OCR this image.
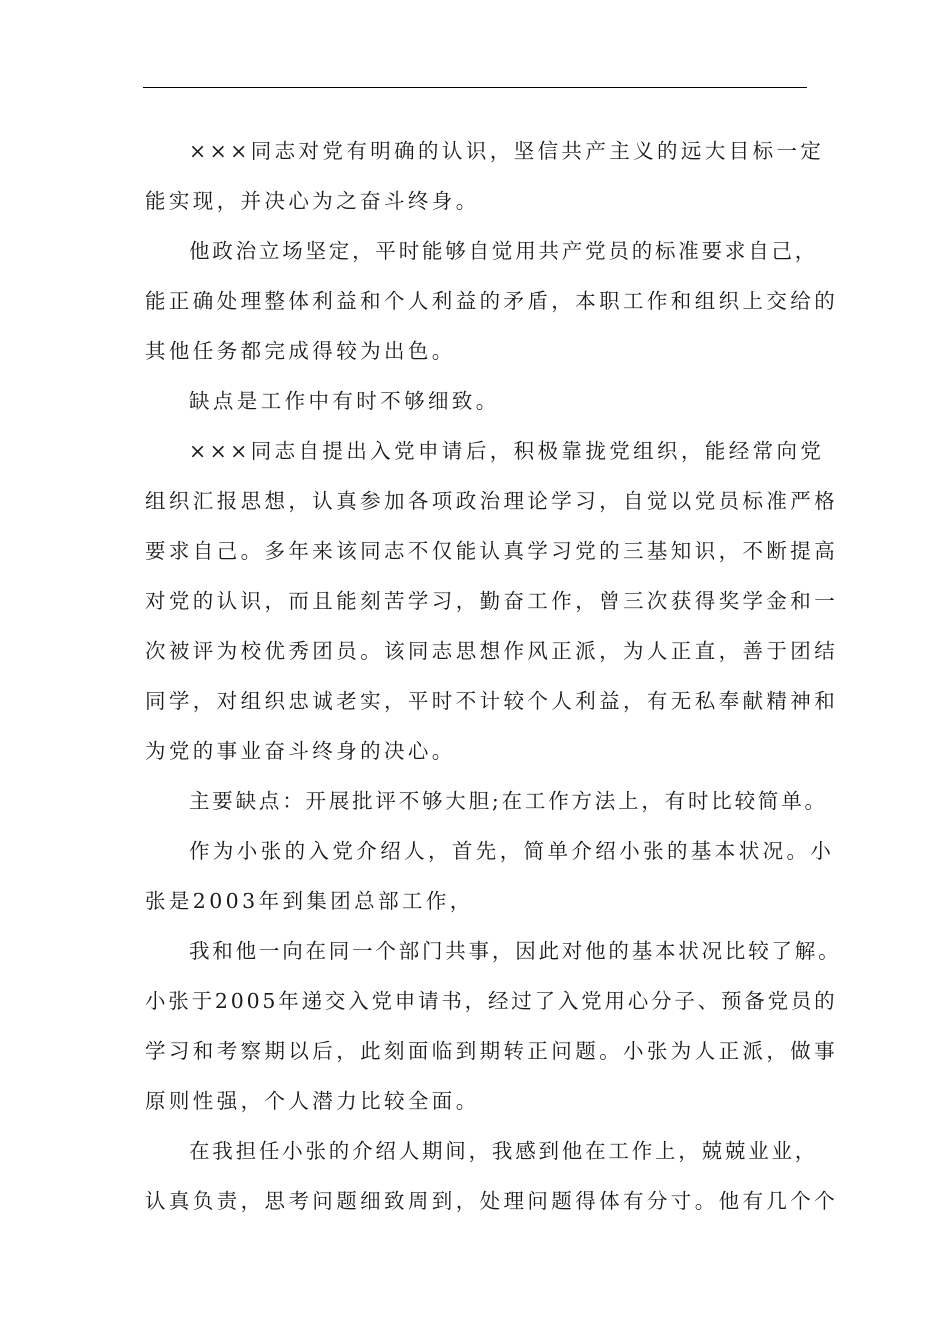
×××同志对党有明确的认识，坚信共产主义的远大目标一定
能实现，并决心为之奋斗终身。
他政治立场坚定，平时能够自觉用共产党员的标准要求自己，
能正确处理整体利益和个人利益的矛盾，本职工作和组织上交给的
其他任务都完成得较为出色。
缺点是工作中有时不够细致。
×××同志自提出入党申请后，积极靠拢党组织，能经常向党
组织汇报思想，认真参加各项政治理论学习，自觉以党员标准严格
要求自己。多年来该同志不仅能认真学习党的三基知识，不断提高
对党的认识，而且能刻苦学习，勤奋工作，曾三次获得奖学金和一
次被评为校优秀团员。该同志思想作风正派，为人正直，善于团结
同学，对组织忠诚老实，平时不计较个人利益，有无私奉献精神和
为党的事业奋斗终身的决心。
主要缺点：开展批评不够大胆;在工作方法上，有时比较简单。
作为小张的入党介绍人，首先，简单介绍小张的基本状况。小
张是2003年到集团总部工作，
我和他一向在同一个部门共事，因此对他的基本状况比较了解。
小张于2005年递交入党申请书，经过了入党用心分子、预备党员的
学习和考察期以后，此刻面临到期转正问题。小张为人正派，做事
原则性强，个人潜力比较全面。
在我担任小张的介绍人期间，我感到他在工作上，兢兢业业，
认真负责，思考问题细致周到，处理问题得体有分寸。他有几个个
